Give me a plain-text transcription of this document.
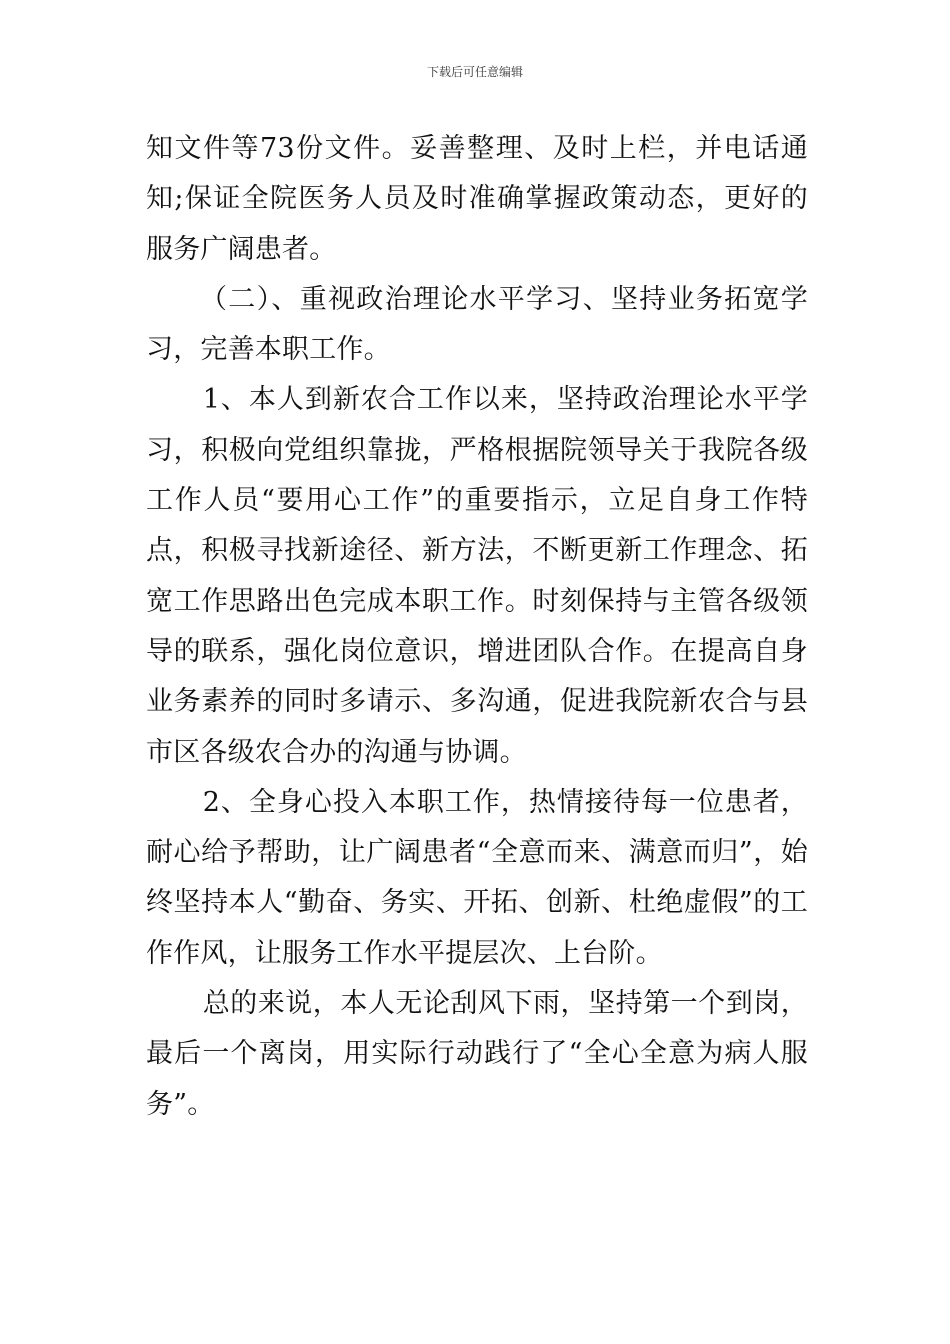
下载后可任意编辑

知文件等73份文件。妥善整理、及时上栏，并电话通知;保证全院医务人员及时准确掌握政策动态，更好的服务广阔患者。

（二）、重视政治理论水平学习、坚持业务拓宽学习，完善本职工作。

1、本人到新农合工作以来，坚持政治理论水平学习，积极向党组织靠拢，严格根据院领导关于我院各级工作人员“要用心工作”的重要指示，立足自身工作特点，积极寻找新途径、新方法，不断更新工作理念、拓宽工作思路出色完成本职工作。时刻保持与主管各级领导的联系，强化岗位意识，增进团队合作。在提高自身业务素养的同时多请示、多沟通，促进我院新农合与县市区各级农合办的沟通与协调。

2、全身心投入本职工作，热情接待每一位患者，耐心给予帮助，让广阔患者“全意而来、满意而归”，始终坚持本人“勤奋、务实、开拓、创新、杜绝虚假”的工作作风，让服务工作水平提层次、上台阶。

总的来说，本人无论刮风下雨，坚持第一个到岗，最后一个离岗，用实际行动践行了“全心全意为病人服务”。
